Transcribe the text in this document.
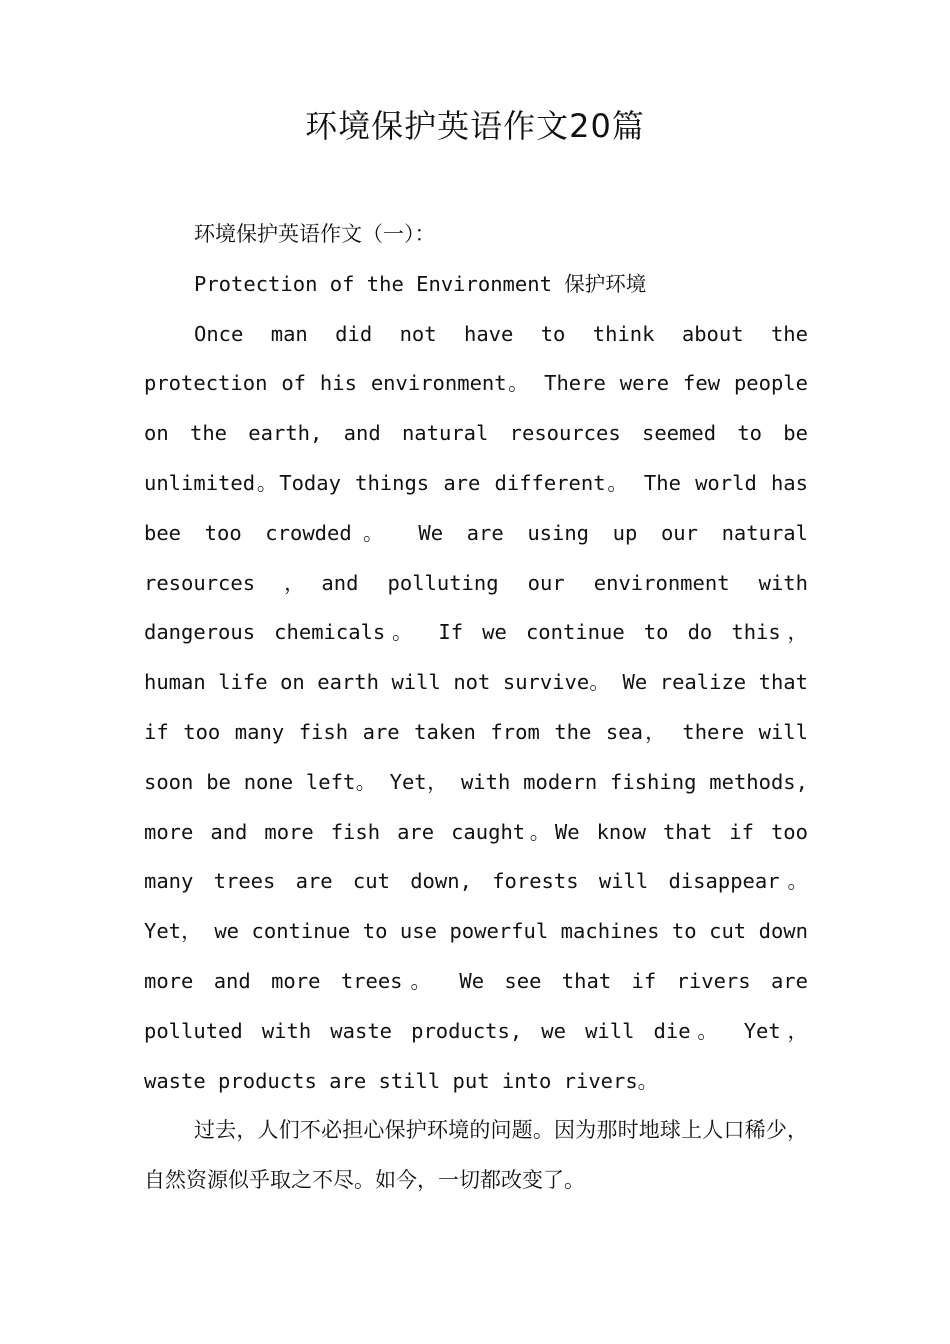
环境保护英语作文20篇

环境保护英语作文（一）：

Protection of the Environment 保护环境

Once man did not have to think about the protection of his environment。 There were few people on the earth, and natural resources seemed to be unlimited。Today things are different。 The world has bee too crowded。 We are using up our natural resources ，and polluting our environment with dangerous chemicals。 If we continue to do this， human life on earth will not survive。 We realize that if too many fish are taken from the sea， there will soon be none left。 Yet， with modern fishing methods, more and more fish are caught。We know that if too many trees are cut down, forests will disappear。 Yet， we continue to use powerful machines to cut down more and more trees。 We see that if rivers are polluted with waste products, we will die。 Yet， waste products are still put into rivers。

过去，人们不必担心保护环境的问题。因为那时地球上人口稀少，自然资源似乎取之不尽。如今，一切都改变了。
